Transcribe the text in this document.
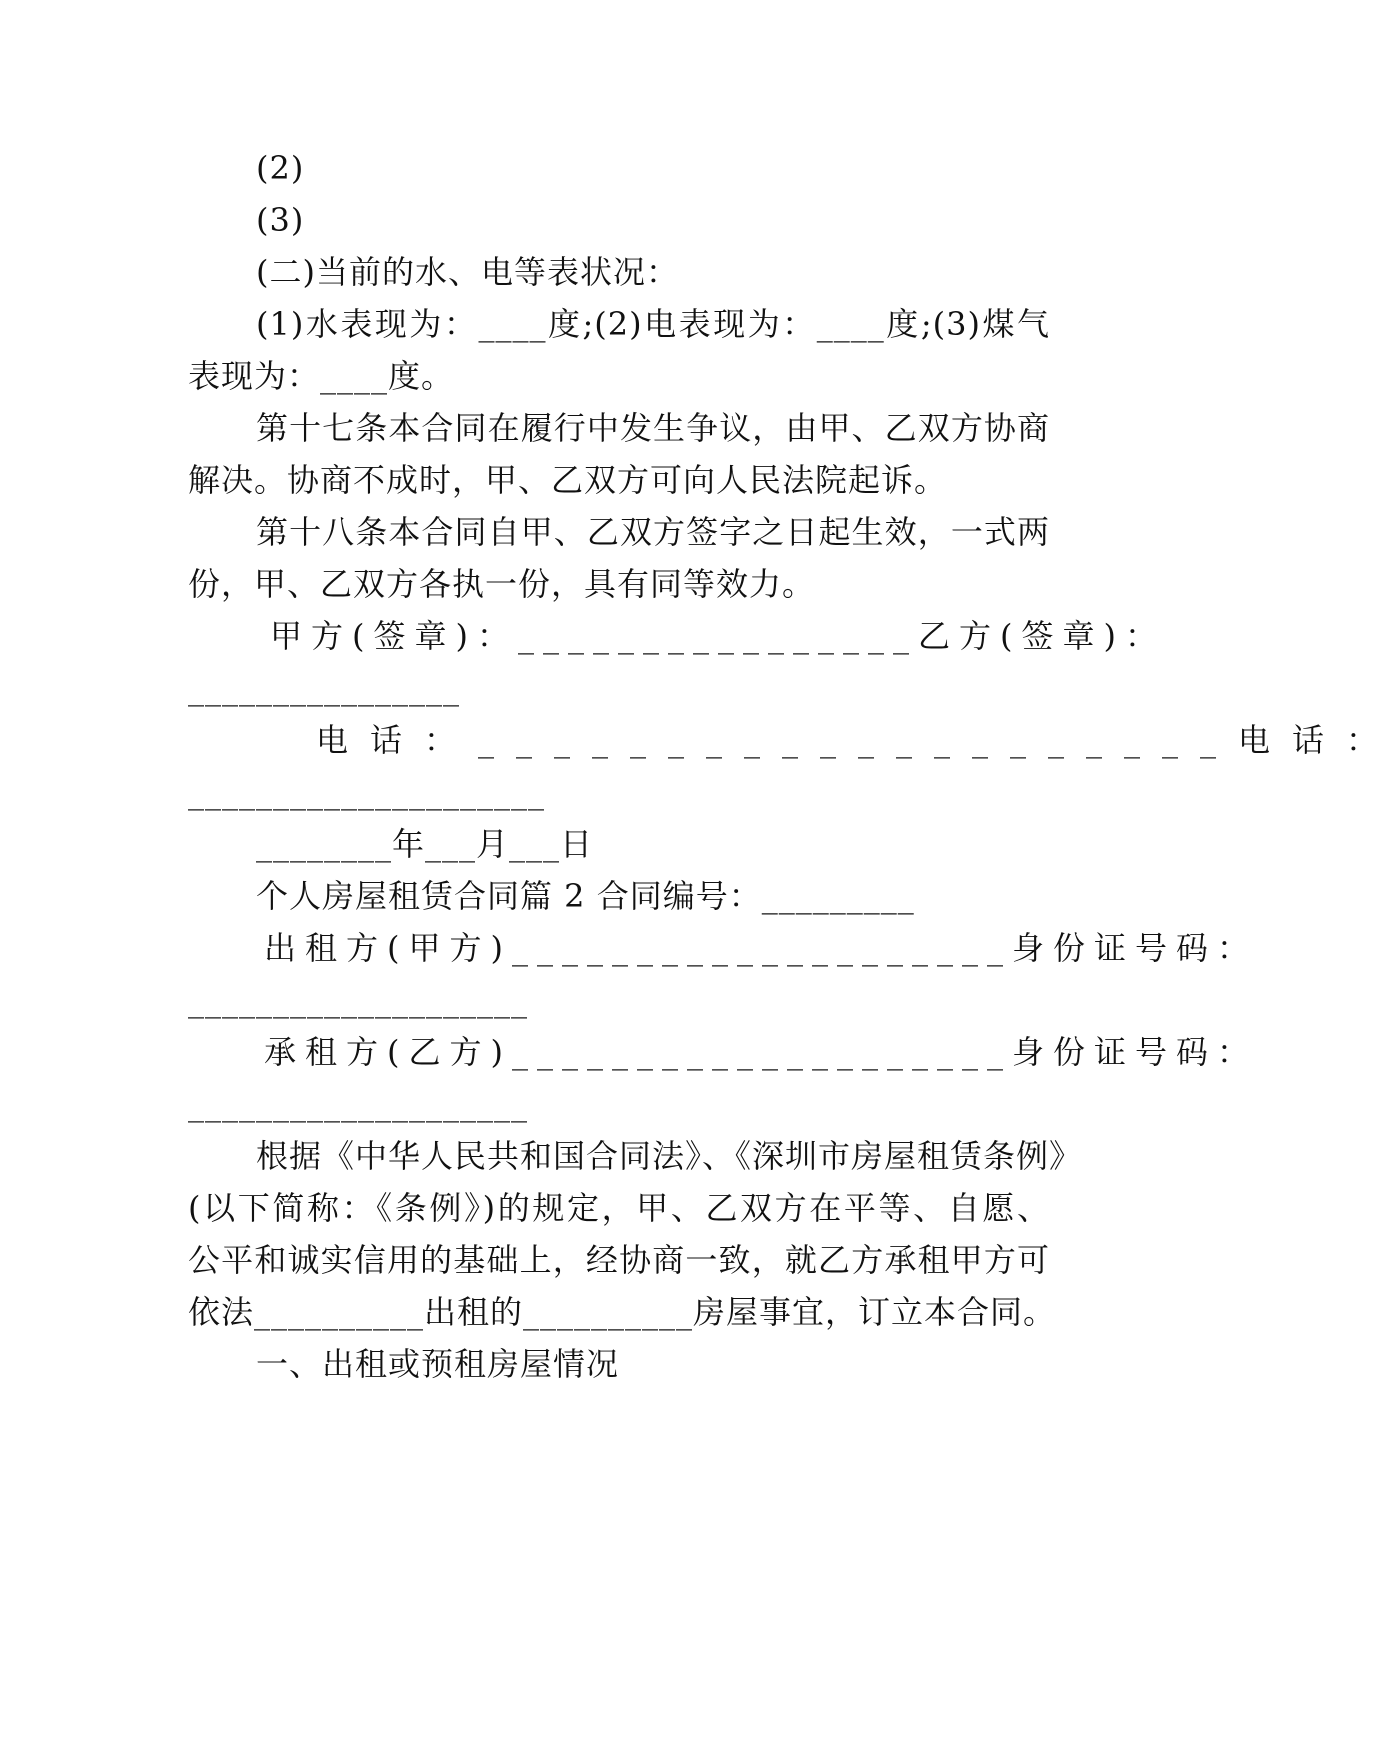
(2)
(3)
(二)当前的水、电等表状况：
(1)水表现为：____度;(2)电表现为：____度;(3)煤气
表现为：____度。
第十七条本合同在履行中发生争议，由甲、乙双方协商
解决。协商不成时，甲、乙双方可向人民法院起诉。
第十八条本合同自甲、乙双方签字之日起生效，一式两
份，甲、乙双方各执一份，具有同等效力。
甲方(签章)：________________乙方(签章)：
________________
电话：____________________电话：
_____________________
________年___月___日
个人房屋租赁合同篇 2 合同编号：_________
出租方(甲方)____________________身份证号码：
____________________
承租方(乙方)____________________身份证号码：
____________________
根据《中华人民共和国合同法》、《深圳市房屋租赁条例》
(以下简称：《条例》)的规定，甲、乙双方在平等、自愿、
公平和诚实信用的基础上，经协商一致，就乙方承租甲方可
依法__________出租的__________房屋事宜，订立本合同。
一、出租或预租房屋情况
